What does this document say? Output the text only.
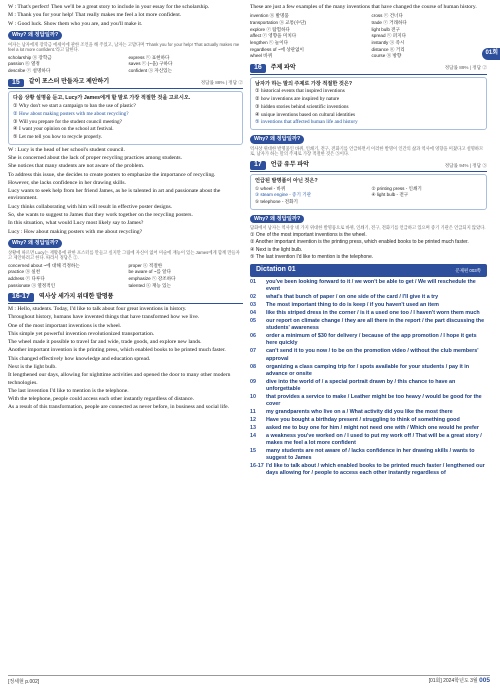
W : That's perfect! Then we'll be a great story to include in your essay for the scholarship.

M : Thank you for your help! That really makes me feel a lot more confident.

W : Good luck. Show them who you are, and you'll make it.

Why? 왜 정답일까?
여자는 남자에게 장학금 에세이에 관한 조언을 해 주었고, 남자는 고맙다며 'Thank you for your help! That actually makes me feel a lot more confident.'라고 답한다.
scholarship ⓝ 장학금	express ⓥ 표현하다
passion ⓝ 열정	saves ⓥ (~을) 구하다
describe ⓥ 설명하다	confident ⓐ 자신있는
15	같이 포스터 만들자고 제안하기	정답률 88% | 정답 ②
다음 상황 설명을 듣고, Lucy가 James에게 할 말로 가장 적절한 것을 고르시오.

① Why don't we start a campaign to ban the use of plastic?

② How about making posters with me about recycling?

③ Will you prepare for the student council meeting?

④ I want your opinion on the school art festival.

⑤ Let me tell you how to recycle properly.

W : Lucy is the head of her school's student council.

She is concerned about the lack of proper recycling practices among students.

She notices that many students are not aware of the problem.

To address this issue, she decides to create posters to emphasize the importance of recycling.

However, she lacks confidence in her drawing skills.

Lucy wants to seek help from her friend James, as he is talented in art and passionate about the environment.

Lucy thinks collaborating with him will result in effective poster designs.

So, she wants to suggest to James that they work together on the recycling posters.

In this situation, what would Lucy most likely say to James?

Lucy : How about making posters with me about recycling?

Why? 왜 정답일까?
상황에 따르면 Lucy는 재활용에 관한 포스터를 만들고 싶지만 그림에 자신이 없어 미술에 재능이 있는 James에게 함께 만들자고 제안하려고 한다. 따라서 정답은 ②.
concerned about ~에 대해 걱정하는	proper ⓐ 적절한
practice ⓝ 실천	be aware of ~를 알다
address ⓥ 다루다	emphasize ⓥ 강조하다
passionate ⓐ 열정적인	talented ⓐ 재능 있는
16-17	역사상 세가지 위대한 발명품

M : Hello, students. Today, I'd like to talk about four great inventions in history.

Throughout history, humans have invented things that have transformed how we live.

One of the most important inventions is the wheel.

This simple yet powerful invention revolutionized transportation.

The wheel made it possible to travel far and wide, trade goods, and explore new lands.

Another important invention is the printing press, which enabled books to be printed much faster.

This changed effectively how knowledge and education spread.

Next is the light bulb.

It lengthened our days, allowing for nighttime activities and opened the door to many other modern technologies.

The last invention I'd like to mention is the telephone.

With the telephone, people could access each other instantly regardless of distance.

As a result of this transformation, people are connected as never before, in business and social life.

These are just a few examples of the many inventions that have changed the course of human history.

invention ⓝ 발명품	cross ⓥ 건너다
transportation ⓝ 교통(수단)	trade ⓥ 거래하다
explore ⓥ 탐험하다	light bulb 전구
affect ⓥ 영향을 미치다	spread ⓥ 퍼지다
lengthen ⓥ 늘이다	instantly ⓐ 즉시
regardless of ~에 상관없이	distance ⓝ 거리
wheel 바퀴	course ⓝ 방향
16	주제 파악	정답률 89% | 정답 ②
남자가 하는 말의 주제로 가장 적절한 것은?

① historical events that inspired inventions

② how inventions are inspired by nature

③ hidden stories behind scientific inventions

④ unique inventions based on cultural identities

⑤ inventions that affected human life and history

Why? 왜 정답일까?
역사상 위대한 발명품인 바퀴, 인쇄기, 전구, 전화기를 언급하면서 이러한 발명이 인간의 삶과 역사에 영향을 미쳤다고 설명하므로, 남자가 하는 말의 주제로 가장 적절한 것은 ⑤이다.
17	언급 유무 파악	정답률 94% | 정답 ⑤
언급된 발명품이 아닌 것은?
① wheel - 바퀴	② printing press - 인쇄기
③ steam engine - 증기 기관	④ light bulb - 전구
⑤ telephone - 전화기
Why? 왜 정답일까?
담화에서 남자는 역사상 네 가지 위대한 발명품으로 바퀴, 인쇄기, 전구, 전화기를 언급하고 있으며 증기 기관은 언급되지 않았다.

① One of the most important inventions is the wheel.

② Another important invention is the printing press, which enabled books to be printed much faster.

④ Next is the light bulb.

⑤ The last invention I'd like to mention is the telephone.

Dictation 01	문제편 003쪽
01	you've been looking forward to it / we won't be able to get / We will reschedule the event
02	what's that bunch of paper / on one side of the card / I'll give it a try
03	The most important thing to do is keep / if you haven't used an item
04	like this striped dress in the corner / is it a used one too / I haven't worn them much
05	our report on climate change / they are all there in the report / the part discussing the students' awareness
06	order a minimum of $30 for delivery / because of the app promotion / I hope it gets here quickly
07	can't send it to you now / to be on the promotion video / without the club members' approval
08	organizing a class camping trip for / spots available for your students / pay it in advance or onsite
09	dive into the world of / a special portrait drawn by / this chance to have an unforgettable
10	that provides a service to make / Leather might be too heavy / would be good for the cover
11	my grandparents who live on a / What activity did you like the most there
12	Have you bought a birthday present / struggling to think of something good
13	asked me to buy one for him / might not need one with / Which one would he prefer
14	a weakness you've worked on / I used to put my work off / That will be a great story / makes me feel a lot more confident
15	many students are not aware of / lacks confidence in her drawing skills / wants to suggest to James
16-17 I'd like to talk about / which enabled books to be printed much faster / lengthened our days allowing for / people to access each other instantly regardless of
01회
[정세현 p.002]	[01회] 2024학년도 3월 005
